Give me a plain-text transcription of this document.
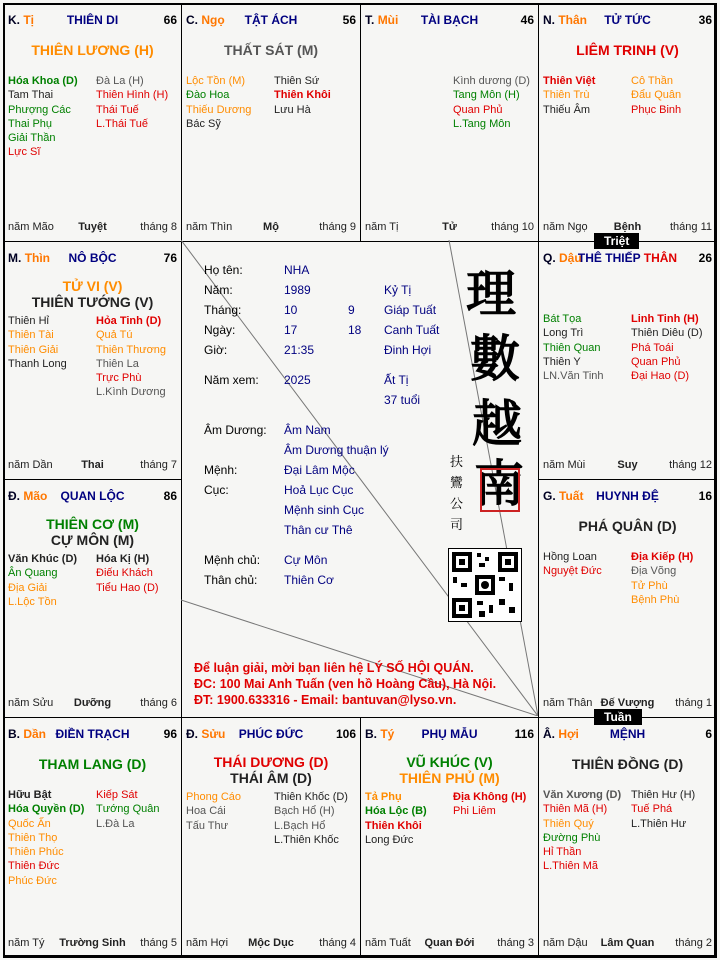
K. Tị	THIÊN DI	66
THIÊN LƯƠNG (H)
Hóa Khoa (D)
Tam Thai
Phượng Các
Thai Phụ
Giải Thần
Lực Sĩ
Đà La (H)
Thiên Hình (H)
Thái Tuế
L.Thái Tuế
năm Mão Tuyệt	tháng 8
C. Ngọ TẬT ÁCH	56
THẤT SÁT (M)
Lộc Tồn (M)
Đào Hoa
Thiếu Dương
Bác Sỹ
Thiên Sứ
Thiên Khôi
Lưu Hà
năm Thìn	Mộ	tháng 9
T. Mùi TÀI BẠCH	46
Kình dương (D)
Tang Môn (H)
Quan Phủ
L.Tang Môn
năm Tị	Tử	tháng 10
N. Thân TỬ TỨC	36
LIÊM TRINH (V)
Thiên Việt
Thiên Trù
Thiếu Âm
Cô Thần
Đẩu Quân
Phục Binh
năm Ngọ Bệnh	tháng 11
M. Thìn NÔ BỘC	76
TỬ VI (V)
THIÊN TƯỚNG (V)
Thiên Hỉ
Thiên Tài
Thiên Giải
Thanh Long
Hỏa Tinh (D)
Quả Tú
Thiên Thương
Thiên La
Trực Phù
L.Kình Dương
năm Dần	Thai	tháng 7
Q. Dậu
THÊ THIẾP THÂN 26
Bát Tọa
Long Trì
Thiên Quan
Thiên Y
LN.Văn Tinh
Linh Tinh (H)
Thiên Diêu (D)
Phá Toái
Quan Phủ
Đại Hao (D)
năm Mùi	Suy	tháng 12
Đ. Mão QUAN LỘC	86
THIÊN CƠ (M)
CỰ MÔN (M)
Văn Khúc (D)
Ân Quang
Địa Giải
L.Lộc Tồn
Hóa Kị (H)
Điếu Khách
Tiểu Hao (D)
năm Sửu Dưỡng	tháng 6
G. Tuất HUYNH ĐỆ	16
PHÁ QUÂN (D)
Hồng Loan
Nguyệt Đức
Địa Kiếp (H)
Địa Võng
Tử Phù
Bệnh Phù
năm Thân Đế Vượng tháng 1
B. Dần ĐIỀN TRẠCH	96
THAM LANG (D)
Hữu Bật
Hóa Quyền (D)
Quốc Ấn
Thiên Thọ
Thiên Phúc
Thiên Đức
Phúc Đức
Kiếp Sát
Tướng Quân
L.Đà La
năm Tý Trường Sinh tháng 5
Đ. Sửu PHÚC ĐỨC	106
THÁI DƯƠNG (D)
THÁI ÂM (D)
Phong Cáo
Hoa Cái
Tấu Thư
Thiên Khốc (D)
Bạch Hổ (H)
L.Bạch Hổ
L.Thiên Khốc
năm Hợi Mộc Dục tháng 4
B. Tý PHỤ MẪU	116
VŨ KHÚC (V)
THIÊN PHỦ (M)
Tả Phụ
Hóa Lộc (B)
Thiên Khôi
Long Đức
Địa Không (H)
Phi Liêm
năm Tuất Quan Đới tháng 3
Â. Hợi	MỆNH	6
THIÊN ĐỒNG (D)
Văn Xương (D)
Thiên Mã (H)
Thiên Quý
Đường Phù
Hỉ Thần
L.Thiên Mã
Thiên Hư (H)
Tuế Phá
L.Thiên Hư
năm Dậu Lâm Quan tháng 2
Triệt
Tuần
Họ tên:	NHA
Năm:	1989	Kỷ Tị
Tháng:	10	9 Giáp Tuất
Ngày:	17	18 Canh Tuất
Giờ:	21:35	Đinh Hợi
Năm xem: 2025	Ất Tị
37 tuổi
Âm Dương: Âm Nam
Âm Dương thuận lý
Mệnh:	Đại Lâm Mộc
Cục:	Hoả Lục Cục
Mệnh sinh Cục
Thân cư Thê
Mệnh chủ: Cự Môn
Thân chủ: Thiên Cơ
理
數
越
南
扶 鸞 公 司
Để luận giải, mời bạn liên hệ LÝ SỐ HỘI QUÁN.
ĐC: 100 Mai Anh Tuấn (ven hồ Hoàng Cầu), Hà Nội.
ĐT: 1900.633316 - Email: bantuvan@lyso.vn.
